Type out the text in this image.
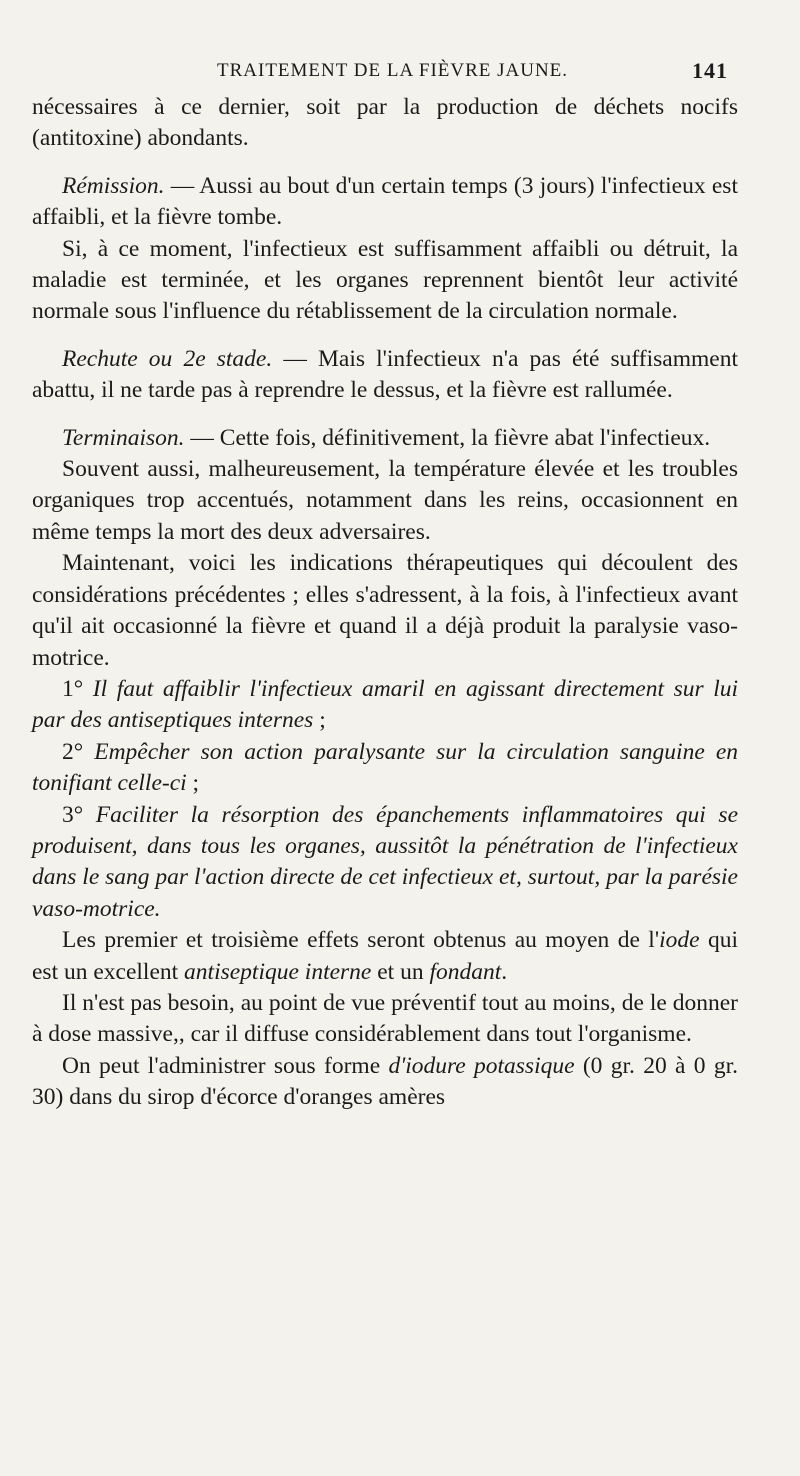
TRAITEMENT DE LA FIÈVRE JAUNE.	141

nécessaires à ce dernier, soit par la production de déchets nocifs (antitoxine) abondants.

Rémission. — Aussi au bout d'un certain temps (3 jours) l'infectieux est affaibli, et la fièvre tombe.

Si, à ce moment, l'infectieux est suffisamment affaibli ou détruit, la maladie est terminée, et les organes reprennent bientôt leur activité normale sous l'influence du rétablissement de la circulation normale.

Rechute ou 2e stade. — Mais l'infectieux n'a pas été suffisamment abattu, il ne tarde pas à reprendre le dessus, et la fièvre est rallumée.

Terminaison. — Cette fois, définitivement, la fièvre abat l'infectieux.

Souvent aussi, malheureusement, la température élevée et les troubles organiques trop accentués, notamment dans les reins, occasionnent en même temps la mort des deux adversaires.

Maintenant, voici les indications thérapeutiques qui découlent des considérations précédentes ; elles s'adressent, à la fois, à l'infectieux avant qu'il ait occasionné la fièvre et quand il a déjà produit la paralysie vaso-motrice.

1° Il faut affaiblir l'infectieux amaril en agissant directement sur lui par des antiseptiques internes ;

2° Empêcher son action paralysante sur la circulation sanguine en tonifiant celle-ci ;

3° Faciliter la résorption des épanchements inflammatoires qui se produisent, dans tous les organes, aussitôt la pénétration de l'infectieux dans le sang par l'action directe de cet infectieux et, surtout, par la parésie vaso-motrice.

Les premier et troisième effets seront obtenus au moyen de l'iode qui est un excellent antiseptique interne et un fondant.

Il n'est pas besoin, au point de vue préventif tout au moins, de le donner à dose massive,, car il diffuse considérablement dans tout l'organisme.

On peut l'administrer sous forme d'iodure potassique (0 gr. 20 à 0 gr. 30) dans du sirop d'écorce d'oranges amères
